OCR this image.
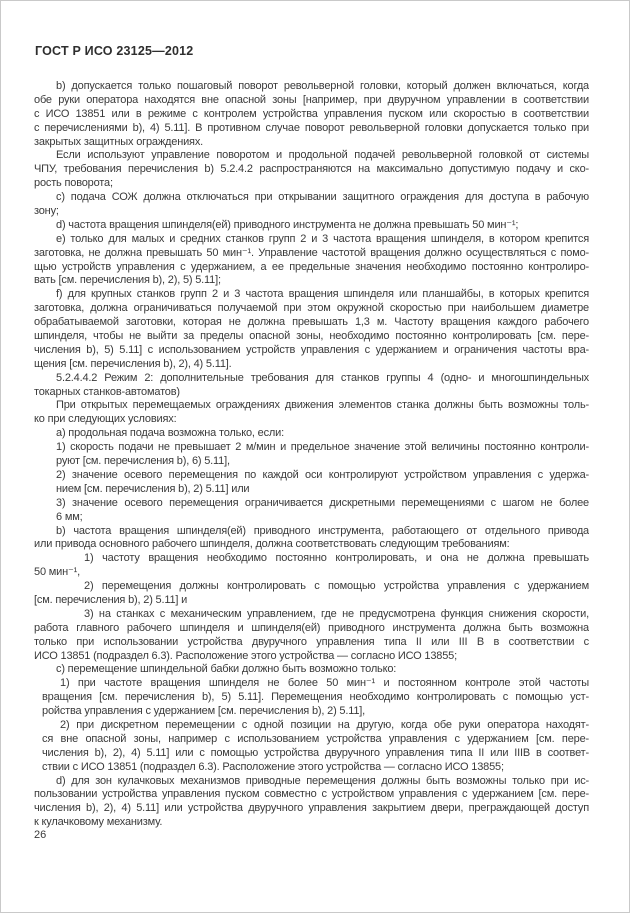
ГОСТ Р ИСО 23125—2012
b) допускается только пошаговый поворот револьверной головки, который должен включаться, когда
обе руки оператора находятся вне опасной зоны [например, при двуручном управлении в соответствии
с ИСО 13851 или в режиме с контролем устройства управления пуском или скоростью в соответствии
с перечислениями b), 4) 5.11]. В противном случае поворот револьверной головки допускается только при
закрытых защитных ограждениях.
Если используют управление поворотом и продольной подачей револьверной головкой от системы
ЧПУ, требования перечисления b) 5.2.4.2 распространяются на максимально допустимую подачу и ско-
рость поворота;
c) подача СОЖ должна отключаться при открывании защитного ограждения для доступа в рабочую
зону;
d) частота вращения шпинделя(ей) приводного инструмента не должна превышать 50 мин⁻¹;
e) только для малых и средних станков групп 2 и 3 частота вращения шпинделя, в котором крепится
заготовка, не должна превышать 50 мин⁻¹. Управление частотой вращения должно осуществляться с помо-
щью устройств управления с удержанием, а ее предельные значения необходимо постоянно контролиро-
вать [см. перечисления b), 2), 5) 5.11];
f) для крупных станков групп 2 и 3 частота вращения шпинделя или планшайбы, в которых крепится
заготовка, должна ограничиваться получаемой при этом окружной скоростью при наибольшем диаметре
обрабатываемой заготовки, которая не должна превышать 1,3 м. Частоту вращения каждого рабочего
шпинделя, чтобы не выйти за пределы опасной зоны, необходимо постоянно контролировать [см. пере-
числения b), 5) 5.11] с использованием устройств управления с удержанием и ограничения частоты вра-
щения [см. перечисления b), 2), 4) 5.11].
5.2.4.4.2 Режим 2: дополнительные требования для станков группы 4 (одно- и многошпиндельных
токарных станков-автоматов)
При открытых перемещаемых ограждениях движения элементов станка должны быть возможны толь-
ко при следующих условиях:
a) продольная подача возможна только, если:
1) скорость подачи не превышает 2 м/мин и предельное значение этой величины постоянно контроли-
руют [см. перечисления b), 6) 5.11],
2) значение осевого перемещения по каждой оси контролируют устройством управления с удержа-
нием [см. перечисления b), 2) 5.11] или
3) значение осевого перемещения ограничивается дискретными перемещениями с шагом не более
6 мм;
b) частота вращения шпинделя(ей) приводного инструмента, работающего от отдельного привода
или привода основного рабочего шпинделя, должна соответствовать следующим требованиям:
1) частоту вращения необходимо постоянно контролировать, и она не должна превышать
50 мин⁻¹,
2) перемещения должны контролировать с помощью устройства управления с удержанием
[см. перечисления b), 2) 5.11] и
3) на станках с механическим управлением, где не предусмотрена функция снижения скорости,
работа главного рабочего шпинделя и шпинделя(ей) приводного инструмента должна быть возможна
только при использовании устройства двуручного управления типа II или III B в соответствии с
ИСО 13851 (подраздел 6.3). Расположение этого устройства — согласно ИСО 13855;
c) перемещение шпиндельной бабки должно быть возможно только:
1) при частоте вращения шпинделя не более 50 мин⁻¹ и постоянном контроле этой частоты
вращения [см. перечисления b), 5) 5.11]. Перемещения необходимо контролировать с помощью уст-
ройства управления с удержанием [см. перечисления b), 2) 5.11],
2) при дискретном перемещении с одной позиции на другую, когда обе руки оператора находят-
ся вне опасной зоны, например с использованием устройства управления с удержанием [см. пере-
числения b), 2), 4) 5.11] или с помощью устройства двуручного управления типа II или IIIB в соответ-
ствии с ИСО 13851 (подраздел 6.3). Расположение этого устройства — согласно ИСО 13855;
d) для зон кулачковых механизмов приводные перемещения должны быть возможны только при ис-
пользовании устройства управления пуском совместно с устройством управления с удержанием [см. пере-
числения b), 2), 4) 5.11] или устройства двуручного управления закрытием двери, преграждающей доступ
к кулачковому механизму.
26
